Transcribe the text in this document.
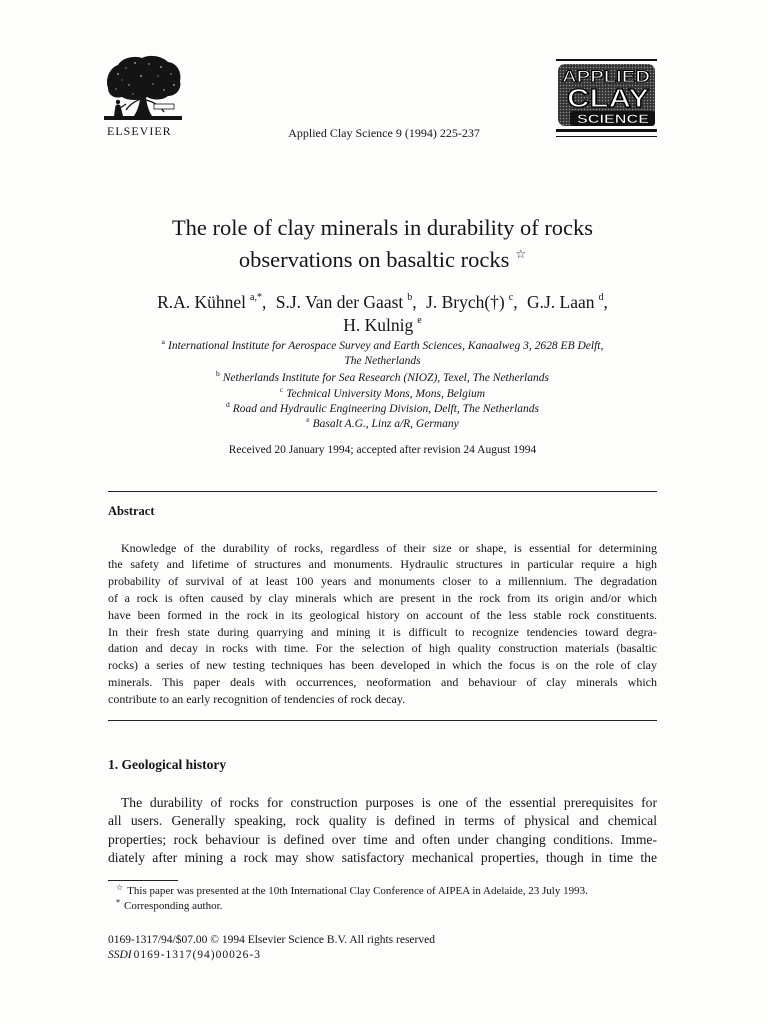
ELSEVIER	Applied Clay Science 9 (1994) 225-237
APPLIED
CLAY
SCIENCE
The role of clay minerals in durability of rocks
observations on basaltic rocks ☆
R.A. Kühnel $^{a,*}$, S.J. Van der Gaast $^b$, J. Brych(†) $^c$, G.J. Laan $^d$,
H. Kulnig $^e$
$^a$ International Institute for Aerospace Survey and Earth Sciences, Kanaalweg 3, 2628 EB Delft,
The Netherlands
$^b$ Netherlands Institute for Sea Research (NIOZ), Texel, The Netherlands
$^c$ Technical University Mons, Mons, Belgium
$^d$ Road and Hydraulic Engineering Division, Delft, The Netherlands
$^e$ Basalt A.G., Linz a/R, Germany
Received 20 January 1994; accepted after revision 24 August 1994
Abstract
Knowledge of the durability of rocks, regardless of their size or shape, is essential for determining
the safety and lifetime of structures and monuments. Hydraulic structures in particular require a high
probability of survival of at least 100 years and monuments closer to a millennium. The degradation
of a rock is often caused by clay minerals which are present in the rock from its origin and/or which
have been formed in the rock in its geological history on account of the less stable rock constituents.
In their fresh state during quarrying and mining it is difficult to recognize tendencies toward degra-
dation and decay in rocks with time. For the selection of high quality construction materials (basaltic
rocks) a series of new testing techniques has been developed in which the focus is on the role of clay
minerals. This paper deals with occurrences, neoformation and behaviour of clay minerals which
contribute to an early recognition of tendencies of rock decay.
1. Geological history
The durability of rocks for construction purposes is one of the essential prerequisites for
all users. Generally speaking, rock quality is defined in terms of physical and chemical
properties; rock behaviour is defined over time and often under changing conditions. Imme-
diately after mining a rock may show satisfactory mechanical properties, though in time the
☆ This paper was presented at the 10th International Clay Conference of AIPEA in Adelaide, 23 July 1993.
* Corresponding author.
0169-1317/94/$07.00 © 1994 Elsevier Science B.V. All rights reserved
SSDI 0169-1317(94)00026-3
